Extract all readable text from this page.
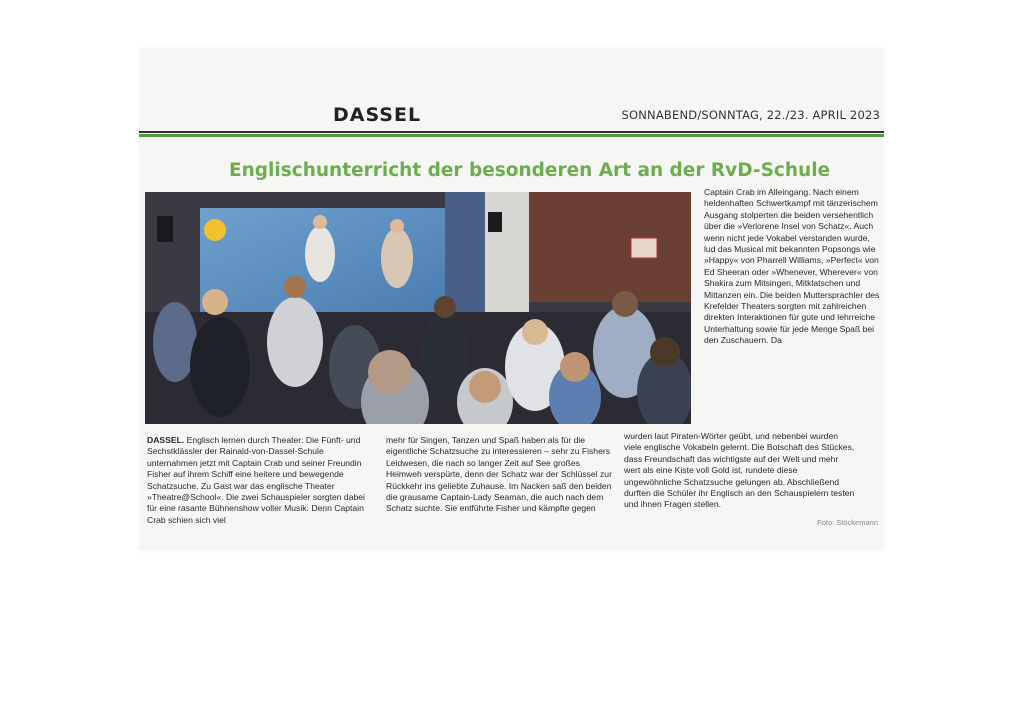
DASSEL	SONNABEND/SONNTAG, 22./23. APRIL 2023
Englischunterricht der besonderen Art an der RvD-Schule

Captain Crab im Alleingang. Nach einem heldenhaften Schwertkampf mit tänzerischem Ausgang stolperten die beiden versehentlich über die »Verlorene Insel von Schatz«. Auch wenn nicht jede Vokabel verstanden wurde, lud das Musical mit bekannten Popsongs wie »Happy« von Pharrell Williams, »Perfect« von Ed Sheeran oder »Whenever, Wherever« von Shakira zum Mitsingen, Mitklatschen und Mittanzen ein. Die beiden Muttersprachler des Krefelder Theaters sorgten mit zahlreichen direkten Interaktionen für gute und lehrreiche Unterhaltung sowie für jede Menge Spaß bei den Zuschauern. Da

DASSEL. Englisch lernen durch Theater: Die Fünft- und Sechstklässler der Rainald-von-Dassel-Schule unternahmen jetzt mit Captain Crab und seiner Freundin Fisher auf ihrem Schiff eine heitere und bewegende Schatzsuche. Zu Gast war das englische Theater »Theatre@School«. Die zwei Schauspieler sorgten dabei für eine rasante Bühnenshow voller Musik. Denn Captain Crab schien sich viel

mehr für Singen, Tanzen und Spaß haben als für die eigentliche Schatzsuche zu interessieren – sehr zu Fishers Leidwesen, die nach so langer Zeit auf See großes Heimweh verspürte, denn der Schatz war der Schlüssel zur Rückkehr ins geliebte Zuhause. Im Nacken saß den beiden die grausame Captain-Lady Seaman, die auch nach dem Schatz suchte. Sie entführte Fisher und kämpfte gegen

wurden laut Piraten-Wörter geübt, und nebenbei wurden viele englische Vokabeln gelernt. Die Botschaft des Stückes, dass Freundschaft das wichtigste auf der Welt und mehr wert als eine Kiste voll Gold ist, rundete diese ungewöhnliche Schatzsuche gelungen ab. Abschließend durften die Schüler ihr Englisch an den Schauspielern testen und ihnen Fragen stellen.

Foto: Stöckemann
